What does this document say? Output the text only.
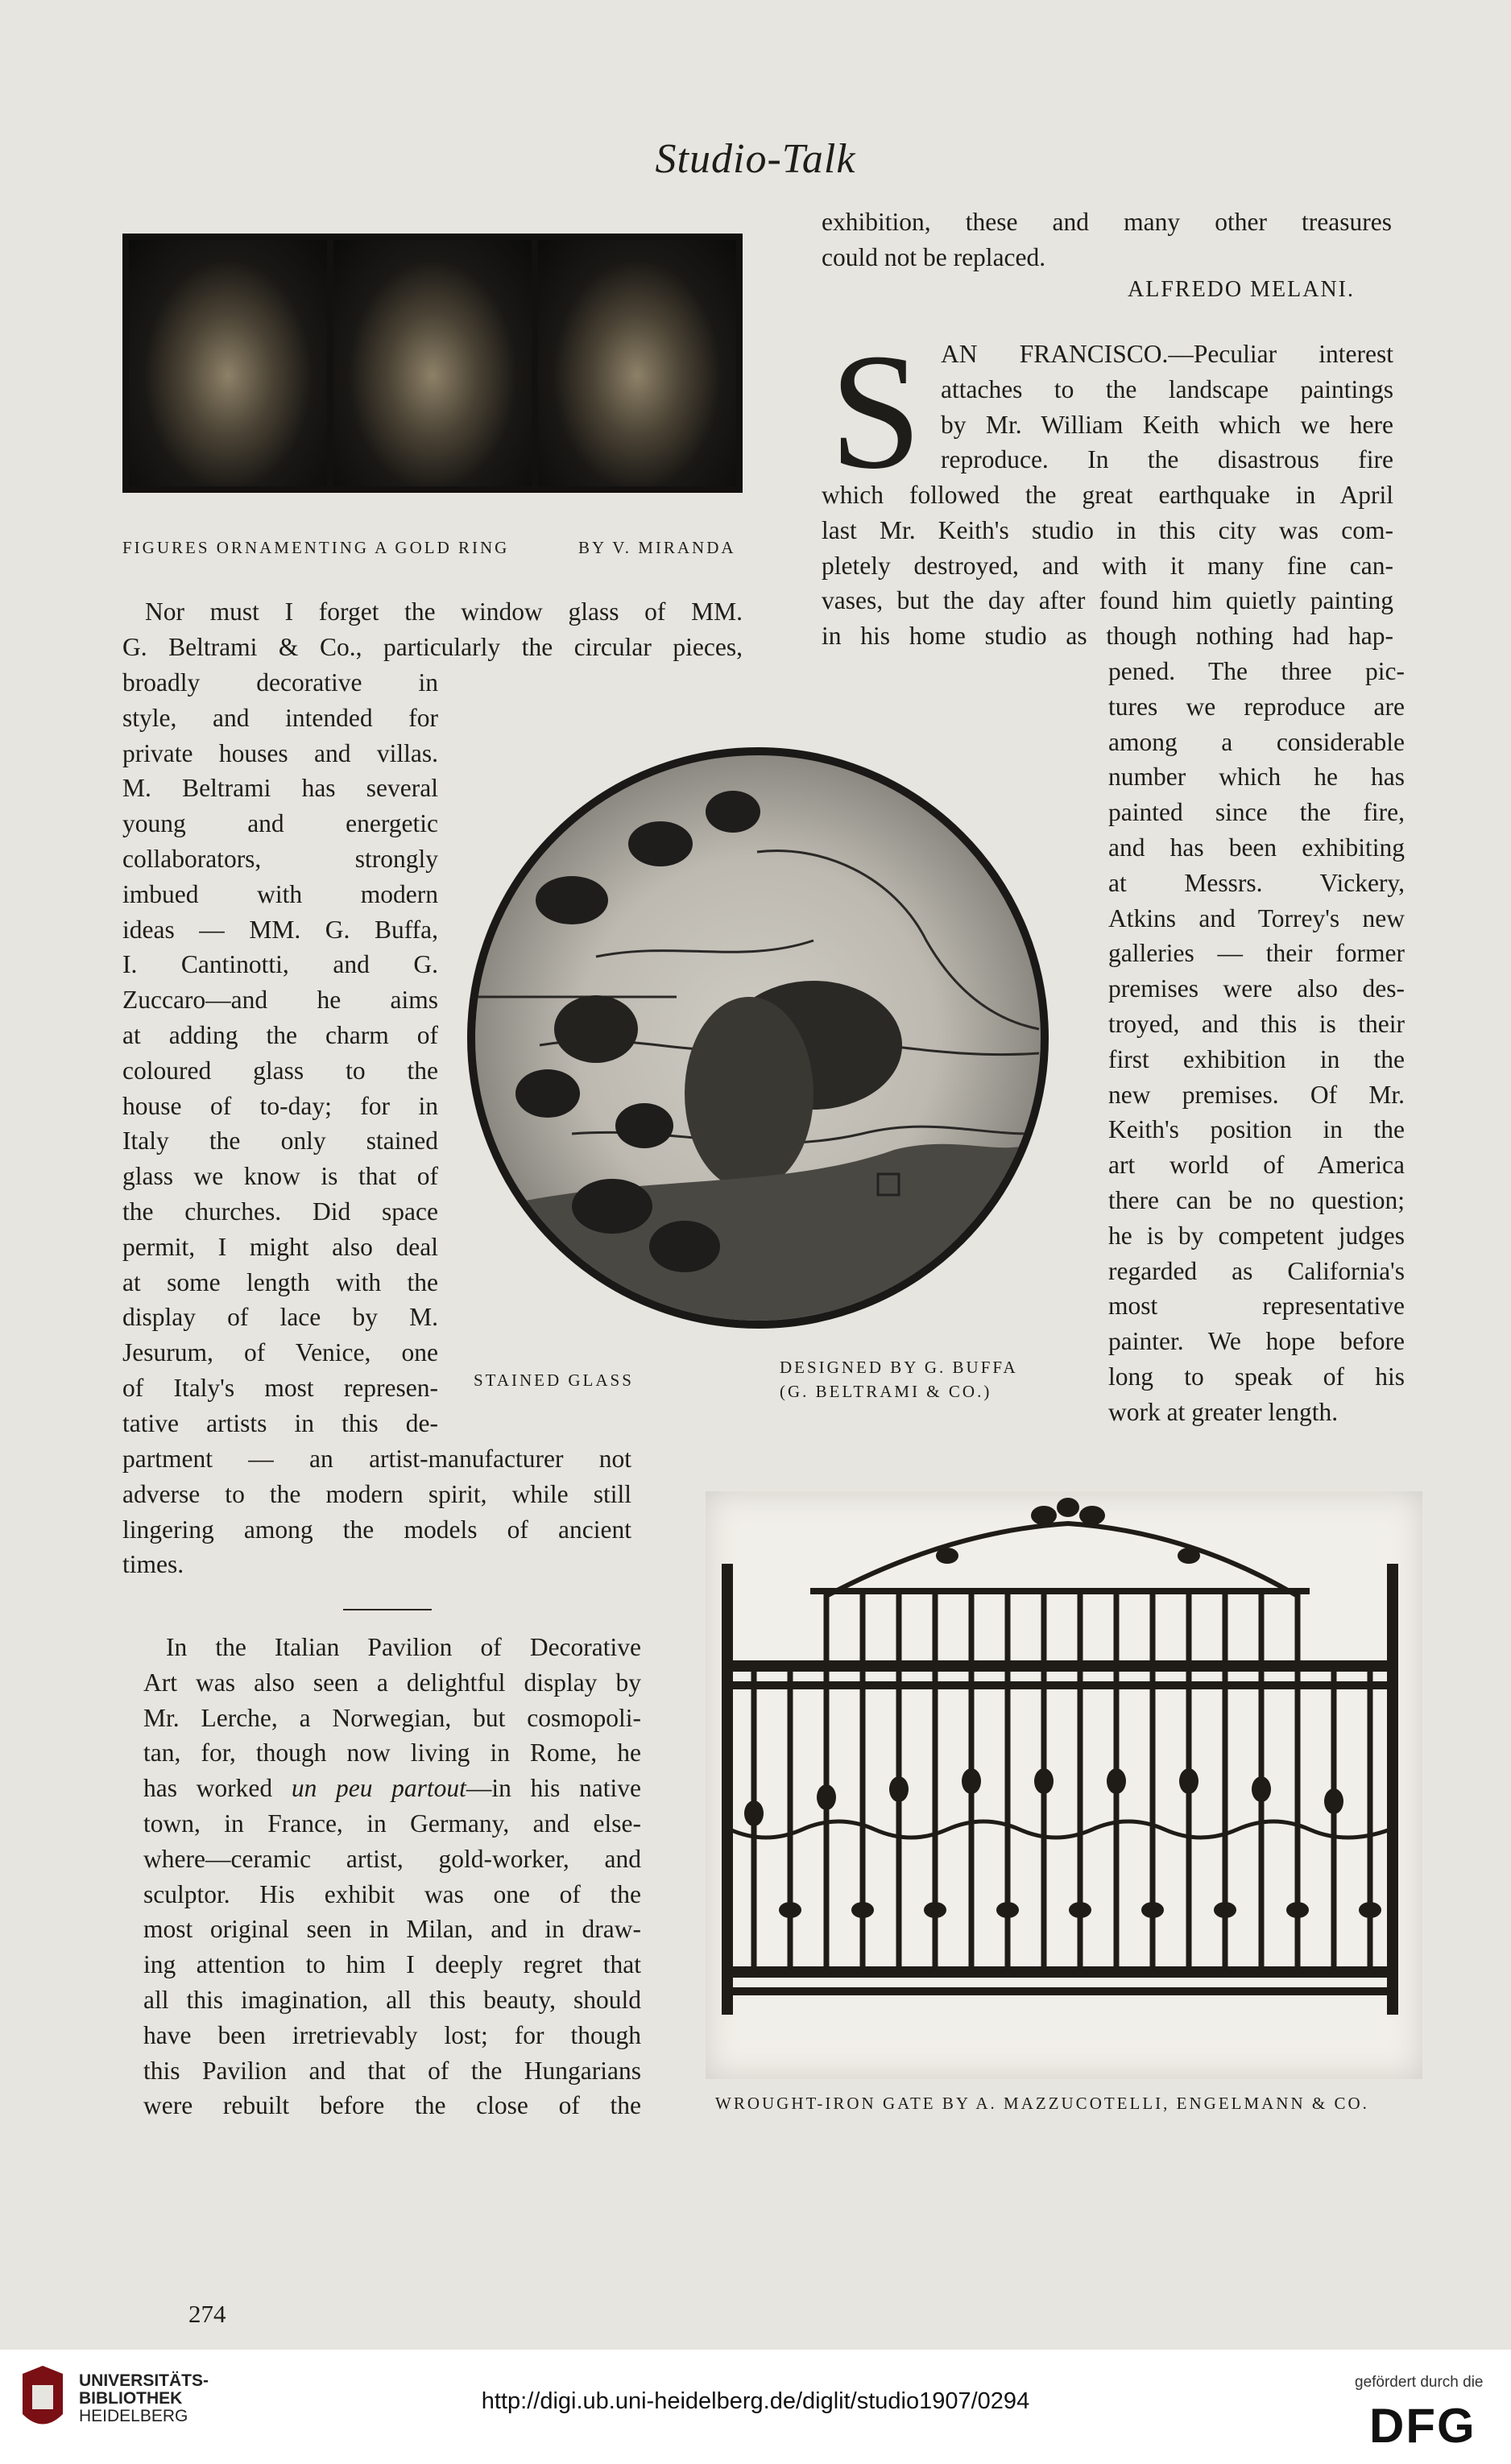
Studio-Talk
FIGURES ORNAMENTING A GOLD RING	BY V. MIRANDA

Nor must I forget the window glass of MM.

G. Beltrami & Co., particularly the circular pieces,

broadly decorative in

style, and intended for

private houses and villas.

M. Beltrami has several

young and energetic

collaborators, strongly

imbued with modern

ideas — MM. G. Buffa,

I. Cantinotti, and G.

Zuccaro—and he aims

at adding the charm of

coloured glass to the

house of to-day; for in

Italy the only stained

glass we know is that of

the churches. Did space

permit, I might also deal

at some length with the

display of lace by M.

Jesurum, of Venice, one

of Italy's most represen-

tative artists in this de-

partment — an artist-manufacturer not

adverse to the modern spirit, while still

lingering among the models of ancient

times.

In the Italian Pavilion of Decorative

Art was also seen a delightful display by

Mr. Lerche, a Norwegian, but cosmopoli-

tan, for, though now living in Rome, he

has worked un peu partout—in his native

town, in France, in Germany, and else-

where—ceramic artist, gold-worker, and

sculptor. His exhibit was one of the

most original seen in Milan, and in draw-

ing attention to him I deeply regret that

all this imagination, all this beauty, should

have been irretrievably lost; for though

this Pavilion and that of the Hungarians

were rebuilt before the close of the

274

exhibition, these and many other treasures

could not be replaced.

ALFREDO MELANI.
S AN FRANCISCO.—Peculiar interest

attaches to the landscape paintings

by Mr. William Keith which we here

reproduce. In the disastrous fire

which followed the great earthquake in April

last Mr. Keith's studio in this city was com-

pletely destroyed, and with it many fine can-

vases, but the day after found him quietly painting

in his home studio as though nothing had hap-

pened. The three pic-

tures we reproduce are

among a considerable

number which he has

painted since the fire,

and has been exhibiting

at Messrs. Vickery,

Atkins and Torrey's new

galleries — their former

premises were also des-

troyed, and this is their

first exhibition in the

new premises. Of Mr.

Keith's position in the

art world of America

there can be no question;

he is by competent judges

regarded as California's

most representative

painter. We hope before

long to speak of his

work at greater length.

STAINED GLASS
DESIGNED BY G. BUFFA
(G. BELTRAMI & CO.)
WROUGHT-IRON GATE BY A. MAZZUCOTELLI, ENGELMANN & CO.
UNIVERSITÄTS-
BIBLIOTHEK
HEIDELBERG
http://digi.ub.uni-heidelberg.de/diglit/studio1907/0294
gefördert durch die
DFG
